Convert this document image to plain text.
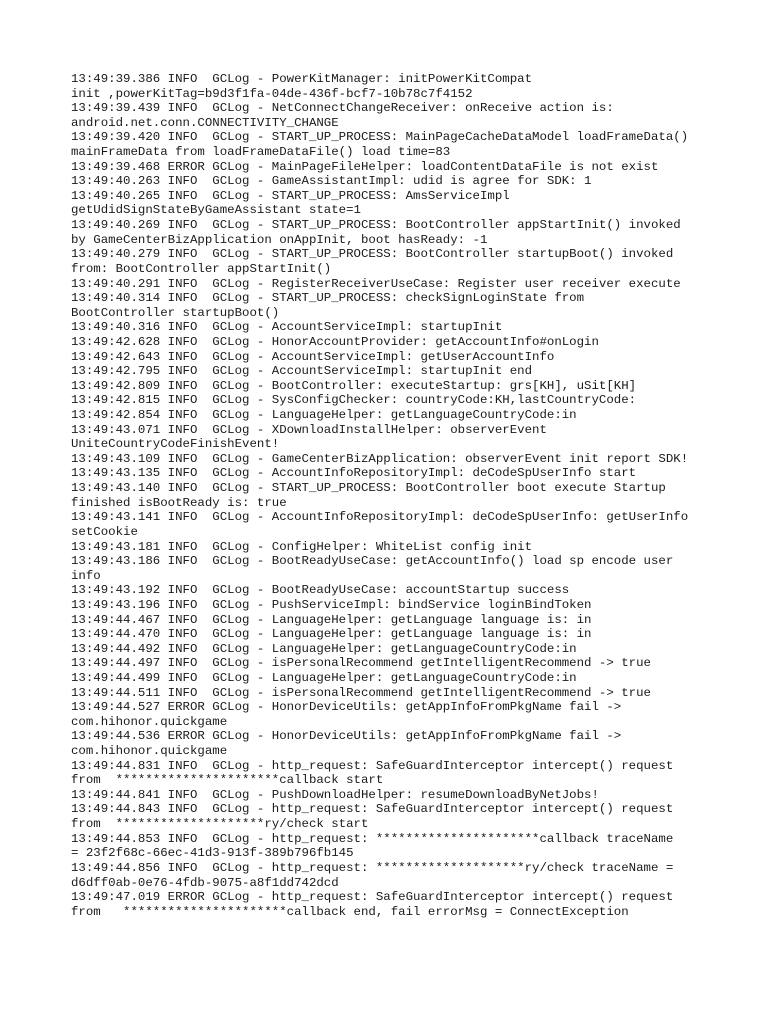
13:49:39.386 INFO  GCLog - PowerKitManager: initPowerKitCompat
init ,powerKitTag=b9d3f1fa-04de-436f-bcf7-10b78c7f4152
13:49:39.439 INFO  GCLog - NetConnectChangeReceiver: onReceive action is:
android.net.conn.CONNECTIVITY_CHANGE
13:49:39.420 INFO  GCLog - START_UP_PROCESS: MainPageCacheDataModel loadFrameData()
mainFrameData from loadFrameDataFile() load time=83
13:49:39.468 ERROR GCLog - MainPageFileHelper: loadContentDataFile is not exist
13:49:40.263 INFO  GCLog - GameAssistantImpl: udid is agree for SDK: 1
13:49:40.265 INFO  GCLog - START_UP_PROCESS: AmsServiceImpl
getUdidSignStateByGameAssistant state=1
13:49:40.269 INFO  GCLog - START_UP_PROCESS: BootController appStartInit() invoked
by GameCenterBizApplication onAppInit, boot hasReady: -1
13:49:40.279 INFO  GCLog - START_UP_PROCESS: BootController startupBoot() invoked
from: BootController appStartInit()
13:49:40.291 INFO  GCLog - RegisterReceiverUseCase: Register user receiver execute
13:49:40.314 INFO  GCLog - START_UP_PROCESS: checkSignLoginState from
BootController startupBoot()
13:49:40.316 INFO  GCLog - AccountServiceImpl: startupInit
13:49:42.628 INFO  GCLog - HonorAccountProvider: getAccountInfo#onLogin
13:49:42.643 INFO  GCLog - AccountServiceImpl: getUserAccountInfo
13:49:42.795 INFO  GCLog - AccountServiceImpl: startupInit end
13:49:42.809 INFO  GCLog - BootController: executeStartup: grs[KH], uSit[KH]
13:49:42.815 INFO  GCLog - SysConfigChecker: countryCode:KH,lastCountryCode:
13:49:42.854 INFO  GCLog - LanguageHelper: getLanguageCountryCode:in
13:49:43.071 INFO  GCLog - XDownloadInstallHelper: observerEvent
UniteCountryCodeFinishEvent!
13:49:43.109 INFO  GCLog - GameCenterBizApplication: observerEvent init report SDK!
13:49:43.135 INFO  GCLog - AccountInfoRepositoryImpl: deCodeSpUserInfo start
13:49:43.140 INFO  GCLog - START_UP_PROCESS: BootController boot execute Startup
finished isBootReady is: true
13:49:43.141 INFO  GCLog - AccountInfoRepositoryImpl: deCodeSpUserInfo: getUserInfo
setCookie
13:49:43.181 INFO  GCLog - ConfigHelper: WhiteList config init
13:49:43.186 INFO  GCLog - BootReadyUseCase: getAccountInfo() load sp encode user
info
13:49:43.192 INFO  GCLog - BootReadyUseCase: accountStartup success
13:49:43.196 INFO  GCLog - PushServiceImpl: bindService loginBindToken
13:49:44.467 INFO  GCLog - LanguageHelper: getLanguage language is: in
13:49:44.470 INFO  GCLog - LanguageHelper: getLanguage language is: in
13:49:44.492 INFO  GCLog - LanguageHelper: getLanguageCountryCode:in
13:49:44.497 INFO  GCLog - isPersonalRecommend getIntelligentRecommend -> true
13:49:44.499 INFO  GCLog - LanguageHelper: getLanguageCountryCode:in
13:49:44.511 INFO  GCLog - isPersonalRecommend getIntelligentRecommend -> true
13:49:44.527 ERROR GCLog - HonorDeviceUtils: getAppInfoFromPkgName fail ->
com.hihonor.quickgame
13:49:44.536 ERROR GCLog - HonorDeviceUtils: getAppInfoFromPkgName fail ->
com.hihonor.quickgame
13:49:44.831 INFO  GCLog - http_request: SafeGuardInterceptor intercept() request
from  **********************callback start
13:49:44.841 INFO  GCLog - PushDownloadHelper: resumeDownloadByNetJobs!
13:49:44.843 INFO  GCLog - http_request: SafeGuardInterceptor intercept() request
from  ********************ry/check start
13:49:44.853 INFO  GCLog - http_request: **********************callback traceName
= 23f2f68c-66ec-41d3-913f-389b796fb145
13:49:44.856 INFO  GCLog - http_request: ********************ry/check traceName =
d6dff0ab-0e76-4fdb-9075-a8f1dd742dcd
13:49:47.019 ERROR GCLog - http_request: SafeGuardInterceptor intercept() request
from   **********************callback end, fail errorMsg = ConnectException
